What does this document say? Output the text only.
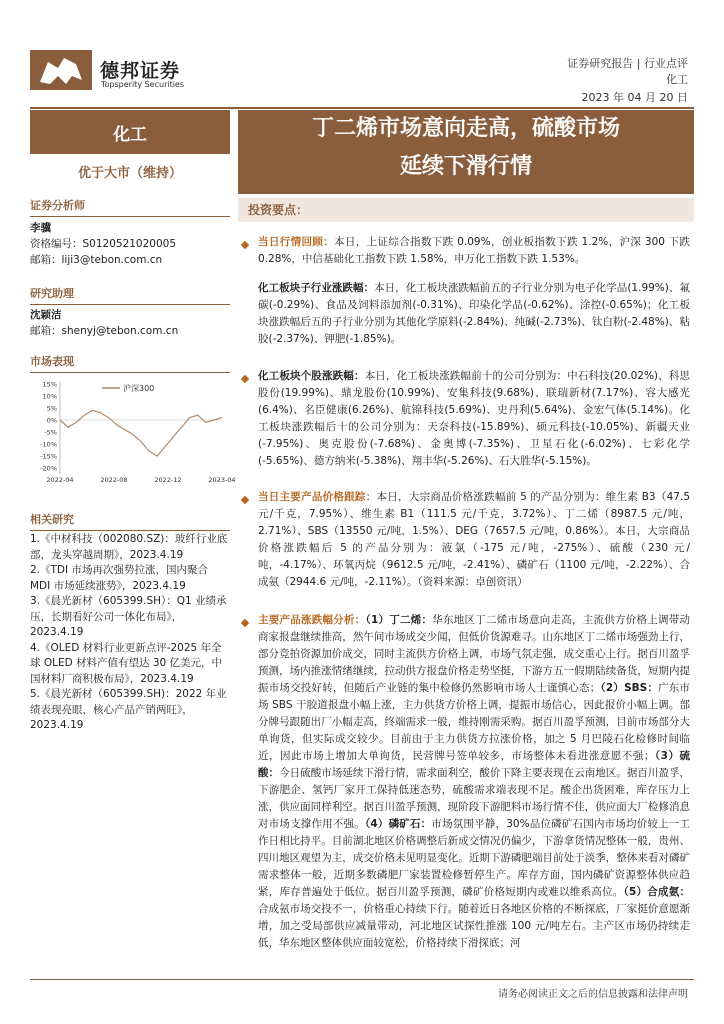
德邦证券
Topsperity Securities
证券研究报告 | 行业点评
化工
2023 年 04 月 20 日
化工
优于大市（维持）
证券分析师
李骥
资格编号：S0120521020005
邮箱：liji3@tebon.com.cn
研究助理
沈颖洁
邮箱：shenyj@tebon.com.cn
市场表现
15%
10%
5%
0%
-5%
-10%
-15%
-20%
2022-04	2022-08	2022-12	2023-04
沪深300
相关研究
1.《中材科技（002080.SZ)：玻纤行业底部，龙头穿越周期》，2023.4.19
2.《TDI 市场再次强势拉涨，国内聚合 MDI 市场延续涨势》，2023.4.19
3.《晨光新材（605399.SH）：Q1 业绩承压，长期看好公司一体化布局》，2023.4.19
4.《OLED 材料行业更新点评-2025 年全球 OLED 材料产值有望达 30 亿美元，中国材料厂商积极布局》，2023.4.19
5.《晨光新材（605399.SH)：2022 年业绩表现亮眼，核心产品产销两旺》，2023.4.19
丁二烯市场意向走高，硫酸市场
延续下滑行情
投资要点：
当日行情回顾：本日，上证综合指数下跌 0.09%，创业板指数下跌 1.2%，沪深 300 下跌 0.28%，中信基础化工指数下跌 1.58%，申万化工指数下跌 1.53%。
化工板块子行业涨跌幅：本日，化工板块涨跌幅前五的子行业分别为电子化学品(1.99%)、氟碳(-0.29%)、食品及饲料添加剂(-0.31%)、印染化学品(-0.62%)、涂控(-0.65%)；化工板块涨跌幅后五的子行业分别为其他化学原料(-2.84%)、纯碱(-2.73%)、钛白粉(-2.48%)、粘胶(-2.37%)、钾肥(-1.85%)。
化工板块个股涨跌幅：本日，化工板块涨跌幅前十的公司分别为：中石科技(20.02%)、科思股份(19.99%)、鼎龙股份(10.99%)、安集科技(9.68%)、联瑞新材(7.17%)、容大感光(6.4%)、名臣健康(6.26%)、航锦科技(5.69%)、史丹利(5.64%)、金宏气体(5.14%)。化工板块涨跌幅后十的公司分别为：天奈科技(-15.89%)、硕元科技(-10.05%)、新疆天业(-7.95%)、奥克股份(-7.68%)、金奥博(-7.35%)、卫星石化(-6.02%)、七彩化学(-5.65%)、德方纳米(-5.38%)、翔丰华(-5.26%)、石大胜华(-5.15%)。
当日主要产品价格跟踪：本日，大宗商品价格涨跌幅前 5 的产品分别为：维生素 B3（47.5 元/千克，7.95%）、维生素 B1（111.5 元/千克，3.72%）、丁二烯（8987.5 元/吨，2.71%）、SBS（13550 元/吨，1.5%）、DEG（7657.5 元/吨，0.86%）。本日，大宗商品价格涨跌幅后 5 的产品分别为：液氯（-175 元/吨，-275%）、硫酸（230 元/吨，-4.17%）、环氧丙烷（9612.5 元/吨，-2.41%）、磷矿石（1100 元/吨，-2.22%）、合成氨（2944.6 元/吨，-2.11%）。（资料来源：卓创资讯）
主要产品涨跌幅分析：（1）丁二烯：华东地区丁二烯市场意向走高，主流供方价格上调带动商家报盘继续推高，然午间市场成交少闻，但低价货源难寻。山东地区丁二烯市场强劲上行，部分竞拍资源加价成交，同时主流供方价格上调，市场气氛走强，成交重心上行。据百川盈孚预测，场内推涨情绪继续，拉动供方报盘价格走势坚挺，下游方五一假期陆续备货，短期内提振市场交投好转，但随后产业链的集中检修仍然影响市场人士谨慎心态；（2）SBS：广东市场 SBS 干胶道报盘小幅上涨，主力供货方价格上调，提振市场信心，因此报价小幅上调。部分牌号跟随出厂小幅走高，终端需求一般，维持刚需采购。据百川盈孚预测，目前市场部分大单询货，但实际成交较少。目前由于主力供货方拉涨价格，加之 5 月巴陵石化检修时间临近，因此市场上增加大单询货，民营牌号签单较多，市场整体未看进涨意愿不强；（3）硫酸：今日硫酸市场延续下滑行情，需求面利空，酸价下降主要表现在云南地区。据百川盈孚，下游肥企、氢钙厂家开工保持低迷态势，硫酸需求端表现不足。酸企出货困难，库存压力上涨，供应面同样利空。据百川盈孚预测，现阶段下游肥料市场行情不佳，供应面大厂检修消息对市场支撑作用不强。（4）磷矿石：市场氛围平静，30%品位磷矿石国内市场均价较上一工作日相比持平。目前湖北地区价格调整后新成交情况仍偏少，下游拿货情况整体一般，贵州、四川地区观望为主，成交价格未见明显变化。近期下游磷肥端目前处于淡季，整体来看对磷矿需求整体一般，近期多数磷肥厂家装置检修暂停生产。库存方面，国内磷矿资源整体供应趋紧，库存普遍处于低位。据百川盈孚预测，磷矿价格短期内或难以维系高位。（5）合成氨：合成氨市场交投不一，价格重心持续下行。随着近日各地区价格的不断探底，厂家挺价意愿渐增，加之受局部供应减量带动，河北地区试探性推涨 100 元/吨左右。主产区市场仍持续走低，华东地区整体供应面较宽松，价格持续下滑探底；河
请务必阅读正文之后的信息披露和法律声明
